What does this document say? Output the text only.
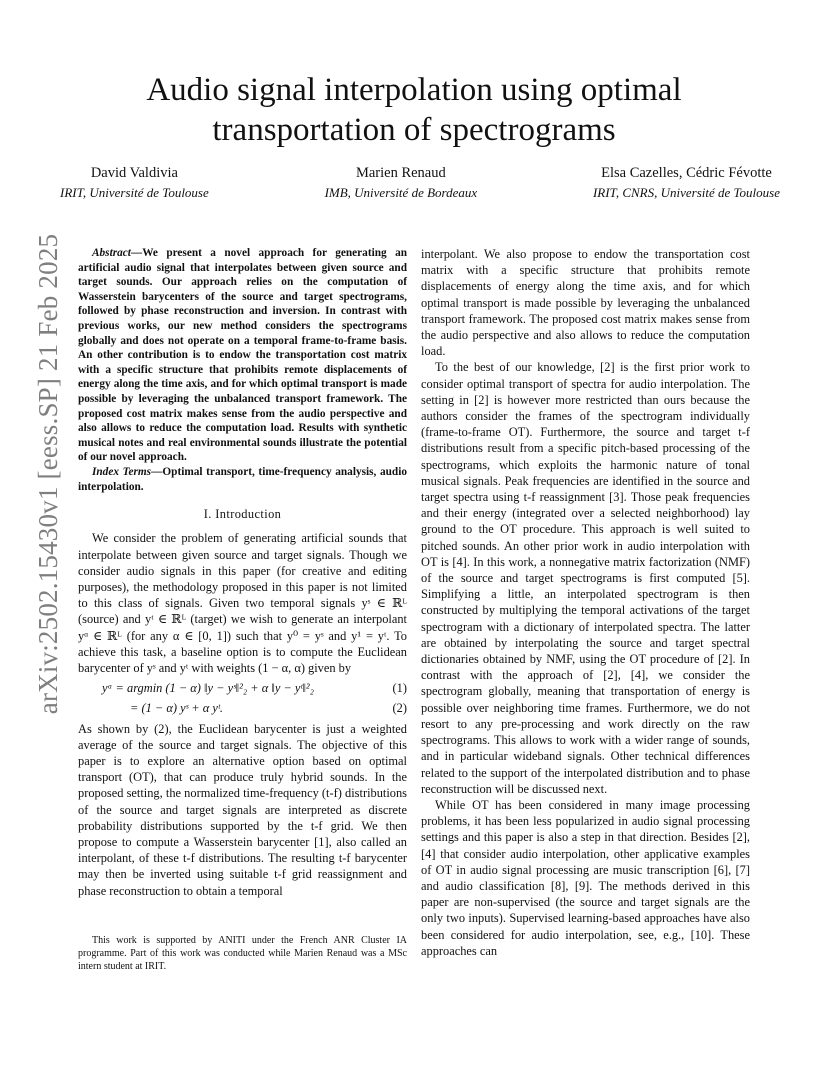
arXiv:2502.15430v1 [eess.SP] 21 Feb 2025
Audio signal interpolation using optimal transportation of spectrograms
David Valdivia
IRIT, Université de Toulouse
Marien Renaud
IMB, Université de Bordeaux
Elsa Cazelles, Cédric Févotte
IRIT, CNRS, Université de Toulouse

Abstract—We present a novel approach for generating an artificial audio signal that interpolates between given source and target sounds. Our approach relies on the computation of Wasserstein barycenters of the source and target spectrograms, followed by phase reconstruction and inversion. In contrast with previous works, our new method considers the spectrograms globally and does not operate on a temporal frame-to-frame basis. An other contribution is to endow the transportation cost matrix with a specific structure that prohibits remote displacements of energy along the time axis, and for which optimal transport is made possible by leveraging the unbalanced transport framework. The proposed cost matrix makes sense from the audio perspective and also allows to reduce the computation load. Results with synthetic musical notes and real environmental sounds illustrate the potential of our novel approach.

Index Terms—Optimal transport, time-frequency analysis, audio interpolation.

I. Introduction

We consider the problem of generating artificial sounds that interpolate between given source and target signals. Though we consider audio signals in this paper (for creative and editing purposes), the methodology proposed in this paper is not limited to this class of signals. Given two temporal signals yˢ ∈ ℝᴸ (source) and yᵗ ∈ ℝᴸ (target) we wish to generate an interpolant yᵅ ∈ ℝᴸ (for any α ∈ [0, 1]) such that y⁰ = yˢ and y¹ = yᵗ. To achieve this task, a baseline option is to compute the Euclidean barycenter of yˢ and yᵗ with weights (1 − α, α) given by

yᵅ = argmin (1 − α) ‖y − yˢ‖²₂ + α ‖y − yᵗ‖²₂	(1)
= (1 − α) yˢ + α yᵗ.	(2)

As shown by (2), the Euclidean barycenter is just a weighted average of the source and target signals. The objective of this paper is to explore an alternative option based on optimal transport (OT), that can produce truly hybrid sounds. In the proposed setting, the normalized time-frequency (t-f) distributions of the source and target signals are interpreted as discrete probability distributions supported by the t-f grid. We then propose to compute a Wasserstein barycenter [1], also called an interpolant, of these t-f distributions. The resulting t-f barycenter may then be inverted using suitable t-f grid reassignment and phase reconstruction to obtain a temporal

This work is supported by ANITI under the French ANR Cluster IA programme. Part of this work was conducted while Marien Renaud was a MSc intern student at IRIT.

interpolant. We also propose to endow the transportation cost matrix with a specific structure that prohibits remote displacements of energy along the time axis, and for which optimal transport is made possible by leveraging the unbalanced transport framework. The proposed cost matrix makes sense from the audio perspective and also allows to reduce the computation load.

To the best of our knowledge, [2] is the first prior work to consider optimal transport of spectra for audio interpolation. The setting in [2] is however more restricted than ours because the authors consider the frames of the spectrogram individually (frame-to-frame OT). Furthermore, the source and target t-f distributions result from a specific pitch-based processing of the spectrograms, which exploits the harmonic nature of tonal musical signals. Peak frequencies are identified in the source and target spectra using t-f reassignment [3]. Those peak frequencies and their energy (integrated over a selected neighborhood) lay ground to the OT procedure. This approach is well suited to pitched sounds. An other prior work in audio interpolation with OT is [4]. In this work, a nonnegative matrix factorization (NMF) of the source and target spectrograms is first computed [5]. Simplifying a little, an interpolated spectrogram is then constructed by multiplying the temporal activations of the target spectrogram with a dictionary of interpolated spectra. The latter are obtained by interpolating the source and target spectral dictionaries obtained by NMF, using the OT procedure of [2]. In contrast with the approach of [2], [4], we consider the spectrogram globally, meaning that transportation of energy is possible over neighboring time frames. Furthermore, we do not resort to any pre-processing and work directly on the raw spectrograms. This allows to work with a wider range of sounds, and in particular wideband signals. Other technical differences related to the support of the interpolated distribution and to phase reconstruction will be discussed next.

While OT has been considered in many image processing problems, it has been less popularized in audio signal processing settings and this paper is also a step in that direction. Besides [2], [4] that consider audio interpolation, other applicative examples of OT in audio signal processing are music transcription [6], [7] and audio classification [8], [9]. The methods derived in this paper are non-supervised (the source and target signals are the only two inputs). Supervised learning-based approaches have also been considered for audio interpolation, see, e.g., [10]. These approaches can
